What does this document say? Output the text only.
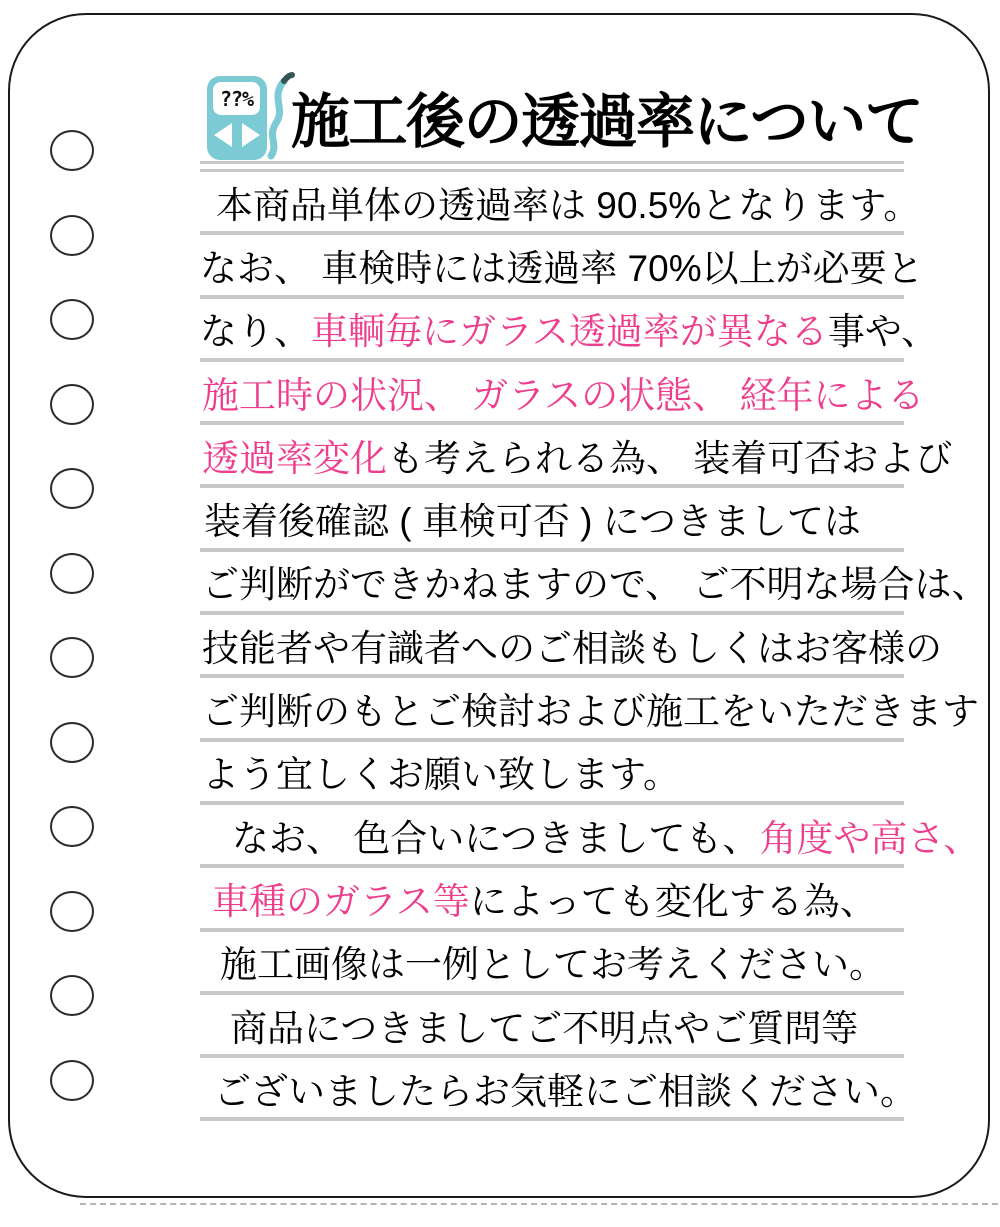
??% 施工後の透過率について
本商品単体の透過率は 90.5%となります。
なお、 車検時には透過率 70%以上が必要と
なり、 車輌毎にガラス透過率が異なる 事や、
施工時の状況、 ガラスの状態、 経年による
透過率変化 も考えられる為、 装着可否および
装着後確認 ( 車検可否 ) につきましては
ご判断ができかねますので、 ご不明な場合は、
技能者や有識者へのご相談もしくはお客様の
ご判断のもとご検討および施工をいただきます
よう宜しくお願い致します。
なお、 色合いにつきましても、 角度や高さ、
車種のガラス等 によっても変化する為、
施工画像は一例としてお考えください。
商品につきましてご不明点やご質問等
ございましたらお気軽にご相談ください。
